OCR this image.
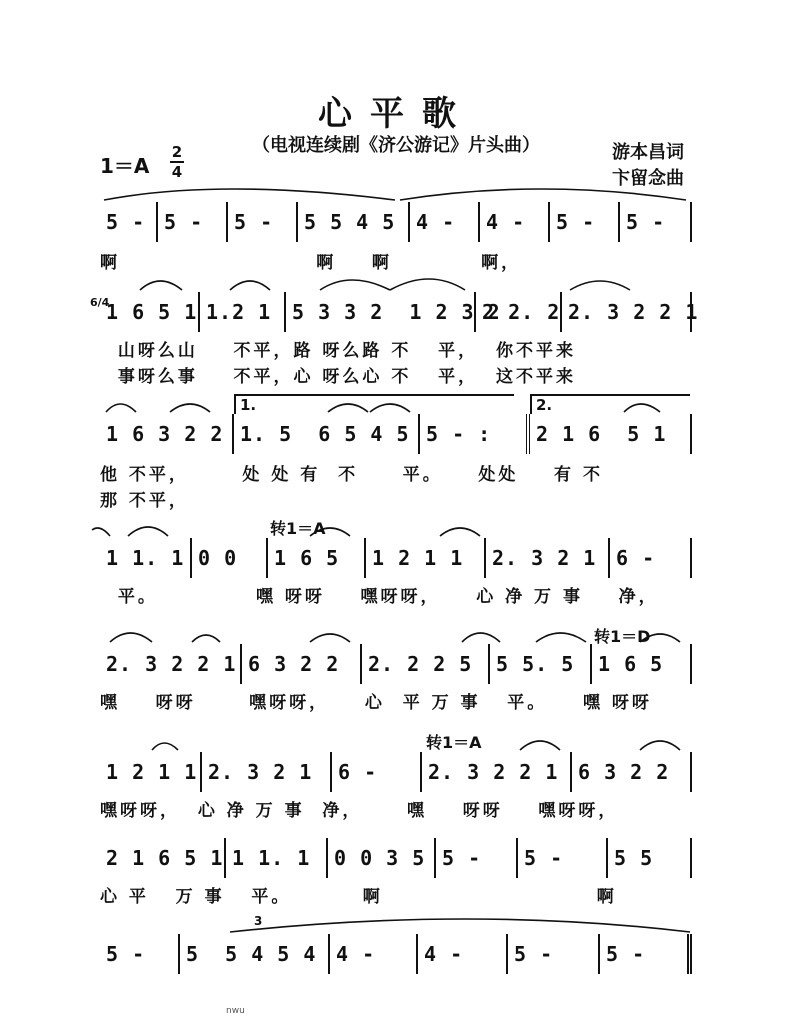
心平歌
（电视连续剧《济公游记》片头曲）	游本昌词
卞留念曲
1＝A
2
4
5 - 5 - 5 - 5 5 4 5 4 - 4 - 5 - 5 -
啊                      啊    啊          啊，
6/4
1 6 5 1 1.2 1	5 3 3 2  1 2 3 2
2 2. 2 2. 3 2 2 1
山呀么山    不平，路 呀么路 不   平，  你不平来
事呀么事    不平，心 呀么心 不   平，  这不平来
1.	2.
1 6 3 2 2 1. 5  6 5 4 5 5 - :	2 1 6  5 1
他 不平，      处 处 有  不     平。    处处    有 不
那 不平，
转1＝A
1 1. 1 0 0	1 6 5	1 2 1 1	2. 3 2 1 6 -
平。           嘿 呀呀    嘿呀呀，    心 净 万 事    净，
转1＝D
2. 3 2 2 1 6 3 2 2	2. 2 2 5	5 5. 5	1 6 5
嘿    呀呀      嘿呀呀，    心  平 万 事   平。    嘿 呀呀
转1＝A
1 2 1 1 2. 3 2 1	6 -	2. 3 2 2 1 6 3 2 2
嘿呀呀，  心 净 万 事  净，     嘿    呀呀    嘿呀呀，
2 1 6 5 1 1 1. 1	0 0 3 5 5 -	5 -	5 5
心 平   万 事   平。        啊                        啊
3
5 -	5  5 4 5 4 4 -	4 -	5 -	5 -
nwu
